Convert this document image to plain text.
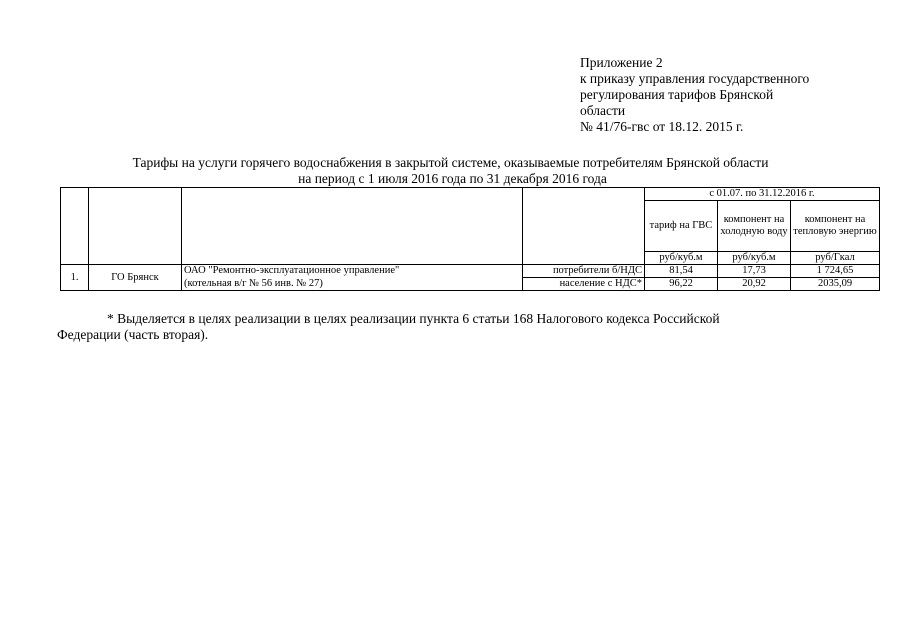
Приложение 2
к приказу управления государственного
регулирования тарифов Брянской
области
№ 41/76-гвс от 18.12. 2015 г.
Тарифы на услуги горячего водоснабжения в закрытой системе, оказываемые потребителям Брянской области
на период с 1 июля 2016 года по 31 декабря 2016 года
				с 01.07. по 31.12.2016 г.		
				тариф на ГВС	компонент на холодную воду	компонент на тепловую энергию
				руб/куб.м	руб/куб.м	руб/Гкал
1.	ГО Брянск	ОАО "Ремонтно-эксплуатационное управление"	потребители б/НДС	81,54	17,73	1 724,65
		(котельная в/г № 56 инв. № 27)	население с НДС*	96,22	20,92	2035,09
* Выделяется в целях реализации в целях реализации пункта 6 статьи 168 Налогового кодекса Российской
Федерации (часть вторая).
